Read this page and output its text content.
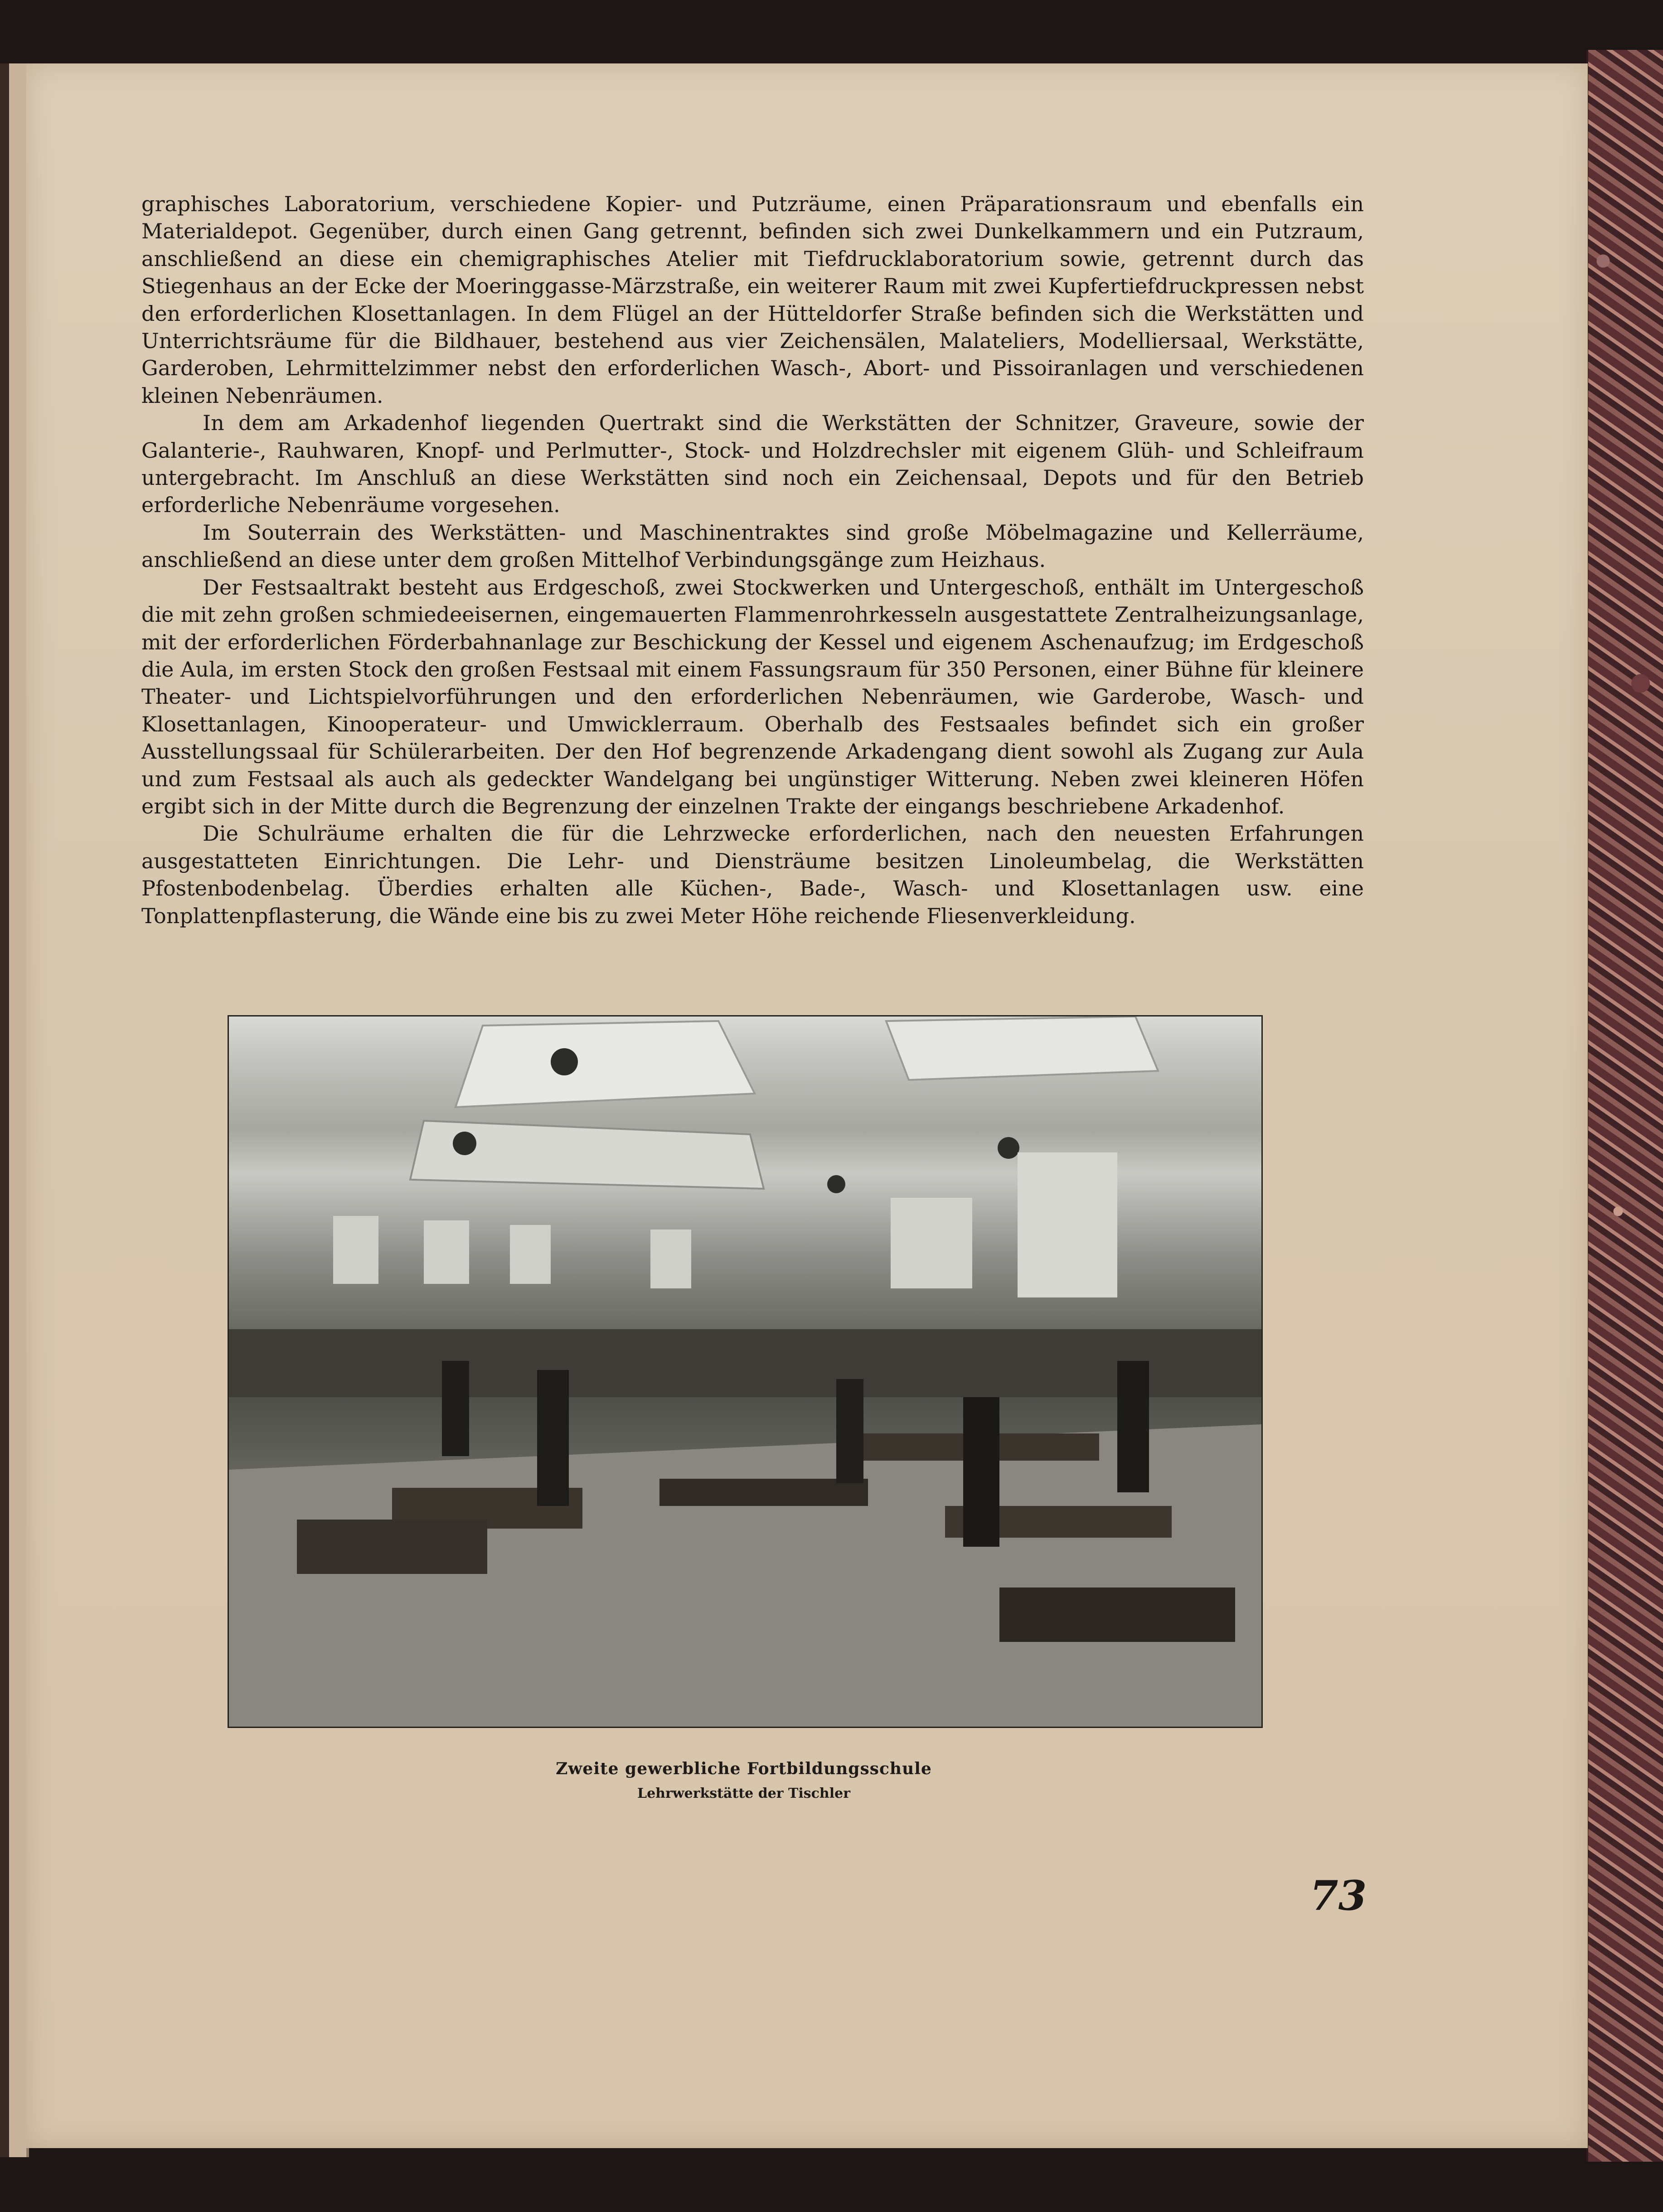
graphisches Laboratorium, verschiedene Kopier- und Putzräume, einen Präparationsraum und ebenfalls ein Materialdepot. Gegenüber, durch einen Gang getrennt, befinden sich zwei Dunkelkammern und ein Putzraum, anschließend an diese ein chemigraphisches Atelier mit Tiefdrucklaboratorium sowie, getrennt durch das Stiegenhaus an der Ecke der Moeringgasse-Märzstraße, ein weiterer Raum mit zwei Kupfertiefdruckpressen nebst den erforderlichen Klosettanlagen. In dem Flügel an der Hütteldorfer Straße befinden sich die Werkstätten und Unterrichtsräume für die Bildhauer, bestehend aus vier Zeichensälen, Malateliers, Modelliersaal, Werkstätte, Garderoben, Lehrmittelzimmer nebst den erforderlichen Wasch-, Abort- und Pissoiranlagen und verschiedenen kleinen Nebenräumen.

In dem am Arkadenhof liegenden Quertrakt sind die Werkstätten der Schnitzer, Graveure, sowie der Galanterie-, Rauhwaren, Knopf- und Perlmutter-, Stock- und Holzdrechsler mit eigenem Glüh- und Schleifraum untergebracht. Im Anschluß an diese Werkstätten sind noch ein Zeichensaal, Depots und für den Betrieb erforderliche Nebenräume vorgesehen.

Im Souterrain des Werkstätten- und Maschinentraktes sind große Möbelmagazine und Kellerräume, anschließend an diese unter dem großen Mittelhof Verbindungsgänge zum Heizhaus.

Der Festsaaltrakt besteht aus Erdgeschoß, zwei Stockwerken und Untergeschoß, enthält im Untergeschoß die mit zehn großen schmiedeeisernen, eingemauerten Flammenrohrkesseln ausgestattete Zentralheizungsanlage, mit der erforderlichen Förderbahnanlage zur Beschickung der Kessel und eigenem Aschenaufzug; im Erdgeschoß die Aula, im ersten Stock den großen Festsaal mit einem Fassungsraum für 350 Personen, einer Bühne für kleinere Theater- und Lichtspielvorführungen und den erforderlichen Nebenräumen, wie Garderobe, Wasch- und Klosettanlagen, Kinooperateur- und Umwicklerraum. Oberhalb des Festsaales befindet sich ein großer Ausstellungssaal für Schülerarbeiten. Der den Hof begrenzende Arkadengang dient sowohl als Zugang zur Aula und zum Festsaal als auch als gedeckter Wandelgang bei ungünstiger Witterung. Neben zwei kleineren Höfen ergibt sich in der Mitte durch die Begrenzung der einzelnen Trakte der eingangs beschriebene Arkadenhof.

Die Schulräume erhalten die für die Lehrzwecke erforderlichen, nach den neuesten Erfahrungen ausgestatteten Einrichtungen. Die Lehr- und Diensträume besitzen Linoleumbelag, die Werkstätten Pfostenbodenbelag. Überdies erhalten alle Küchen-, Bade-, Wasch- und Klosettanlagen usw. eine Tonplattenpflasterung, die Wände eine bis zu zwei Meter Höhe reichende Fliesenverkleidung.

Zweite gewerbliche Fortbildungsschule
Lehrwerkstätte der Tischler
73
